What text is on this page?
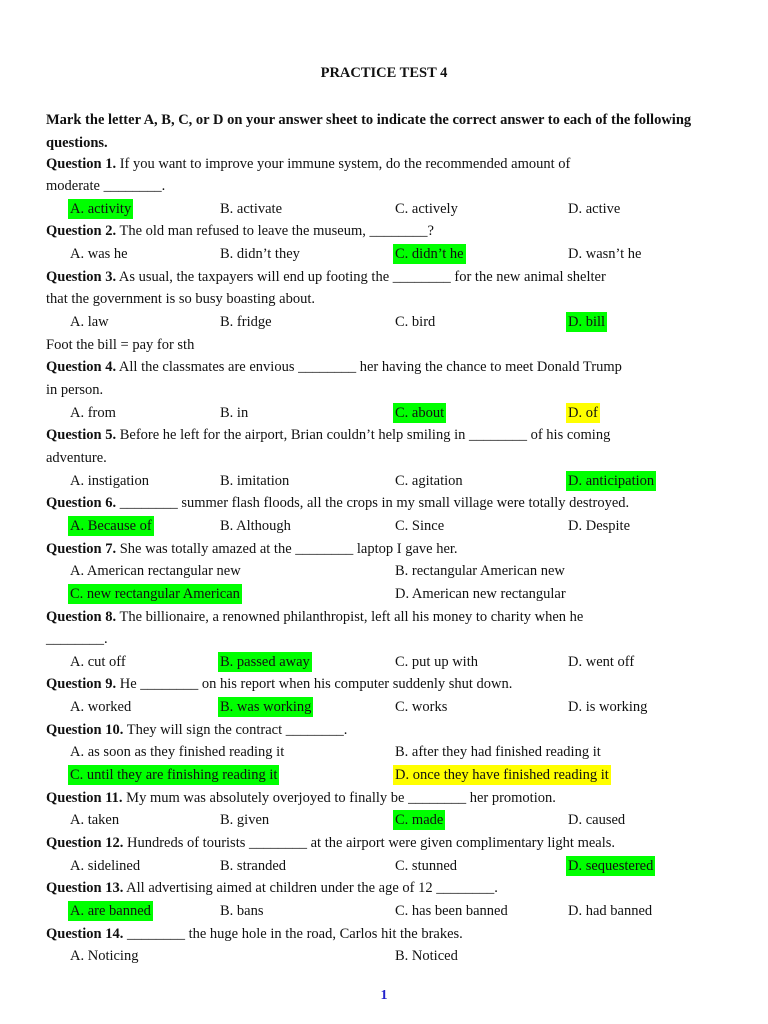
PRACTICE TEST 4
Mark the letter A, B, C, or D on your answer sheet to indicate the correct answer to each of the following questions.
Question 1. If you want to improve your immune system, do the recommended amount of
moderate ________.
A. activity	B. activate	C. actively	D. active
Question 2. The old man refused to leave the museum, ________?
A. was he	B. didn’t they	C. didn’t he	D. wasn’t he
Question 3. As usual, the taxpayers will end up footing the ________ for the new animal shelter
that the government is so busy boasting about.
A. law	B. fridge	C. bird	D. bill
Foot the bill = pay for sth
Question 4. All the classmates are envious ________ her having the chance to meet Donald Trump
in person.
A. from	B. in	C. about	D. of
Question 5. Before he left for the airport, Brian couldn’t help smiling in ________ of his coming
adventure.
A. instigation	B. imitation	C. agitation	D. anticipation
Question 6. ________ summer flash floods, all the crops in my small village were totally destroyed.
A. Because of	B. Although	C. Since	D. Despite
Question 7. She was totally amazed at the ________ laptop I gave her.
A. American rectangular new	B. rectangular American new
C. new rectangular American	D. American new rectangular
Question 8. The billionaire, a renowned philanthropist, left all his money to charity when he
________.
A. cut off	B. passed away	C. put up with	D. went off
Question 9. He ________ on his report when his computer suddenly shut down.
A. worked	B. was working	C. works	D. is working
Question 10. They will sign the contract ________.
A. as soon as they finished reading it	B. after they had finished reading it
C. until they are finishing reading it	D. once they have finished reading it
Question 11. My mum was absolutely overjoyed to finally be ________ her promotion.
A. taken	B. given	C. made	D. caused
Question 12. Hundreds of tourists ________ at the airport were given complimentary light meals.
A. sidelined	B. stranded	C. stunned	D. sequestered
Question 13. All advertising aimed at children under the age of 12 ________.
A. are banned	B. bans	C. has been banned	D. had banned
Question 14. ________ the huge hole in the road, Carlos hit the brakes.
A. Noticing	B. Noticed
1
